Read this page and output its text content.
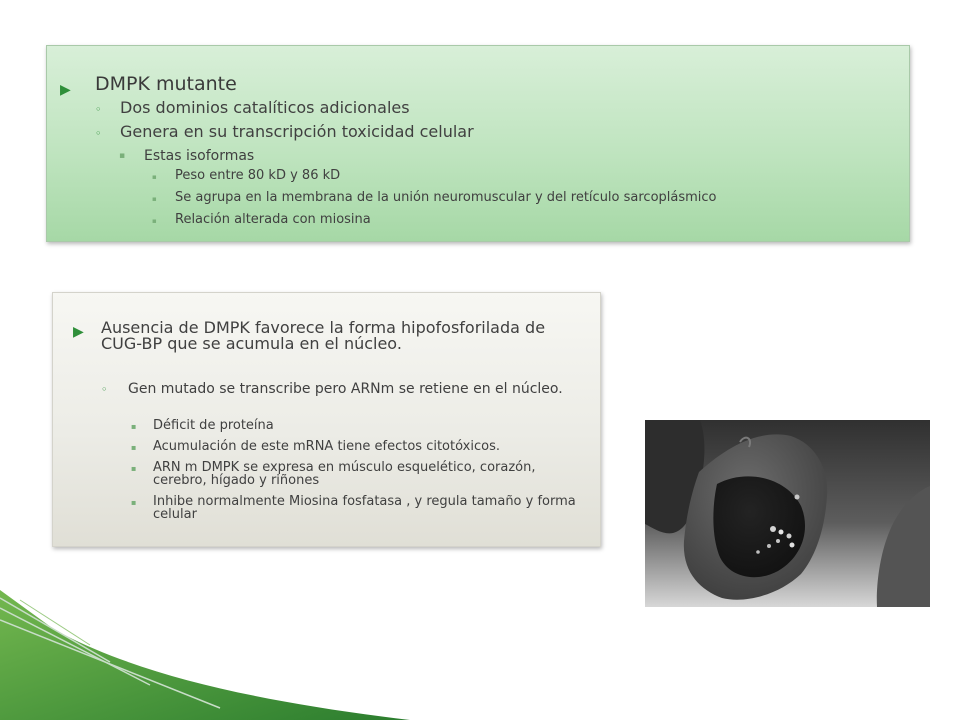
▶ DMPK mutante
◦ Dos dominios catalíticos adicionales
◦ Genera en su transcripción toxicidad celular
▪ Estas isoformas
▪ Peso entre 80 kD y 86 kD
▪ Se agrupa en la membrana de la unión neuromuscular y del retículo sarcoplásmico
▪ Relación alterada con miosina
▶ Ausencia de DMPK favorece la forma hipofosforilada de CUG-BP que se acumula en el núcleo.
◦ Gen mutado se transcribe pero ARNm se retiene en el núcleo.
▪ Déficit de proteína
▪ Acumulación de este mRNA tiene efectos citotóxicos.
▪ ARN m DMPK se expresa en músculo esquelético, corazón, cerebro, hígado y riñones
▪ Inhibe normalmente Miosina fosfatasa , y regula tamaño y forma celular
